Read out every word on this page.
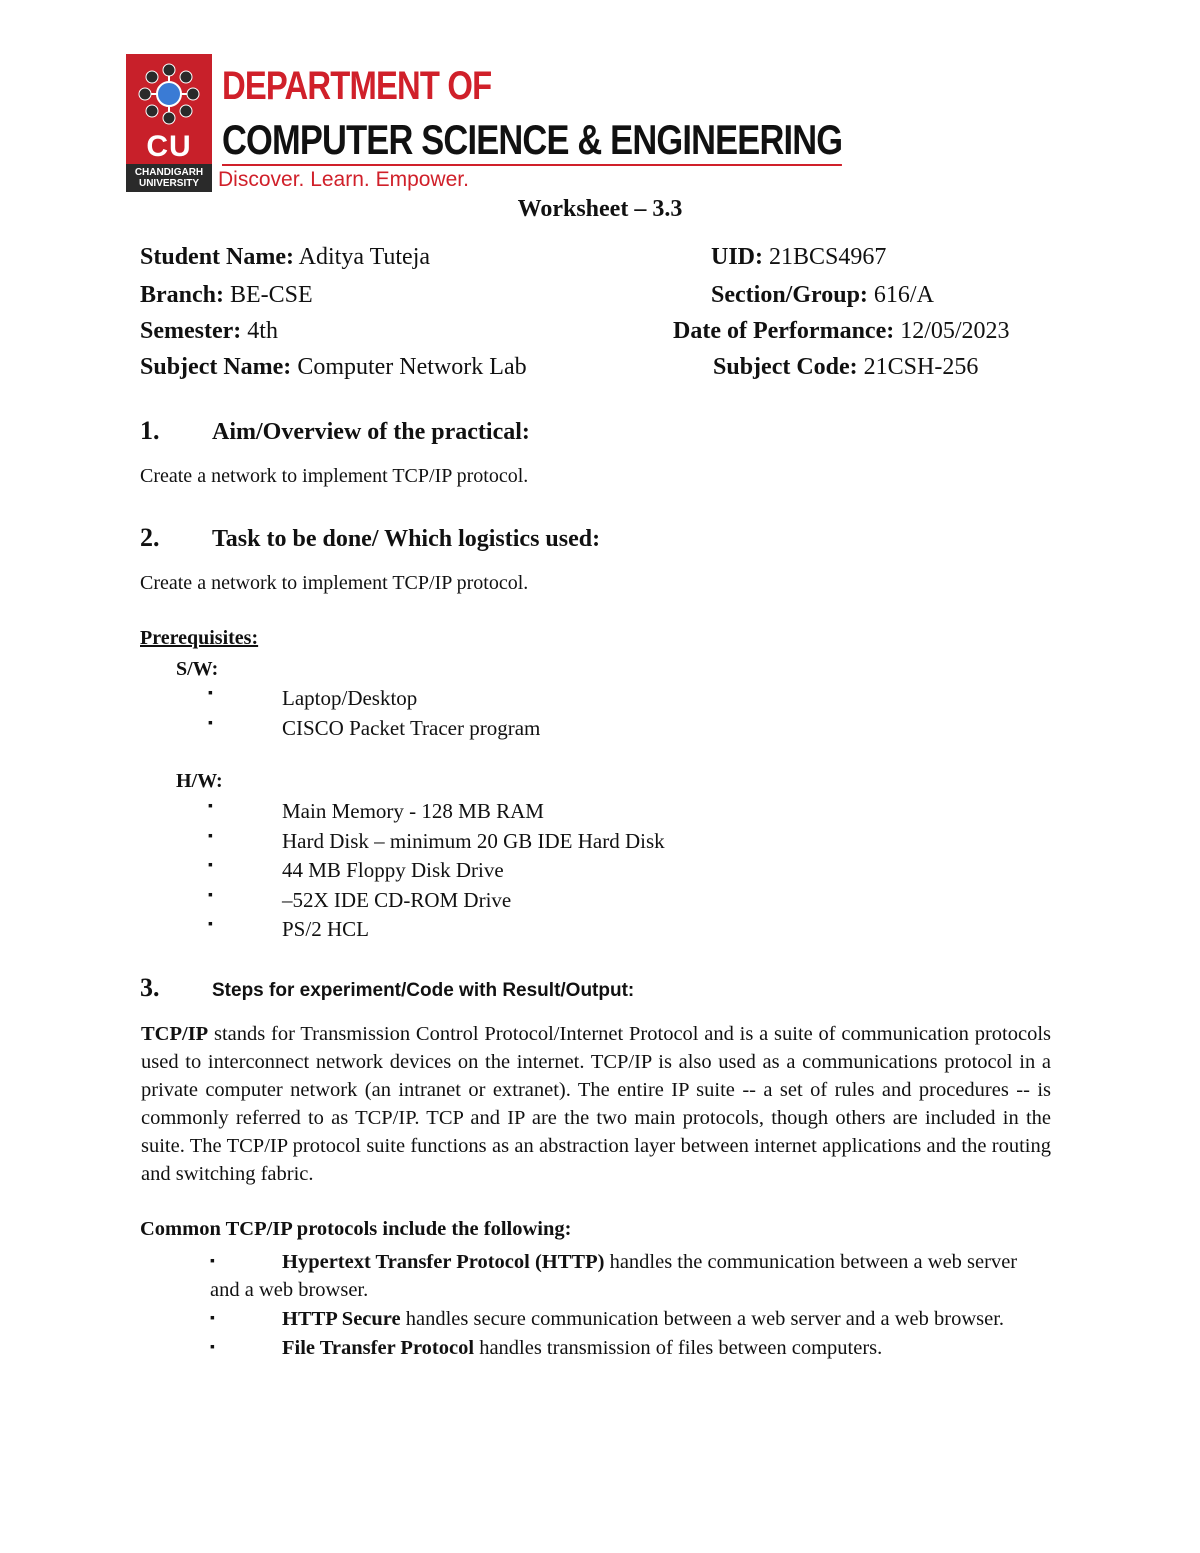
CU
CHANDIGARH UNIVERSITY
DEPARTMENT OF
COMPUTER SCIENCE & ENGINEERING
Discover. Learn. Empower.
Worksheet – 3.3
Student Name: Aditya Tuteja	UID: 21BCS4967
Branch: BE-CSE	Section/Group: 616/A
Semester: 4th	Date of Performance: 12/05/2023
Subject Name: Computer Network Lab	Subject Code: 21CSH-256
1. Aim/Overview of the practical:
Create a network to implement TCP/IP protocol.
2. Task to be done/ Which logistics used:
Create a network to implement TCP/IP protocol.
Prerequisites:
S/W:
▪	Laptop/Desktop
▪	CISCO Packet Tracer program
H/W:
▪	Main Memory - 128 MB RAM
▪	Hard Disk – minimum 20 GB IDE Hard Disk
▪	44 MB Floppy Disk Drive
▪	–52X IDE CD-ROM Drive
▪	PS/2 HCL
3.	Steps for experiment/Code with Result/Output:
TCP/IP stands for Transmission Control Protocol/Internet Protocol and is a suite of communication protocols used to interconnect network devices on the internet. TCP/IP is also used as a communications protocol in a private computer network (an intranet or extranet). The entire IP suite -- a set of rules and procedures -- is commonly referred to as TCP/IP. TCP and IP are the two main protocols, though others are included in the suite. The TCP/IP protocol suite functions as an abstraction layer between internet applications and the routing and switching fabric.
Common TCP/IP protocols include the following:
▪	Hypertext Transfer Protocol (HTTP) handles the communication between a web server and a web browser.
▪	HTTP Secure handles secure communication between a web server and a web browser.
▪	File Transfer Protocol handles transmission of files between computers.
